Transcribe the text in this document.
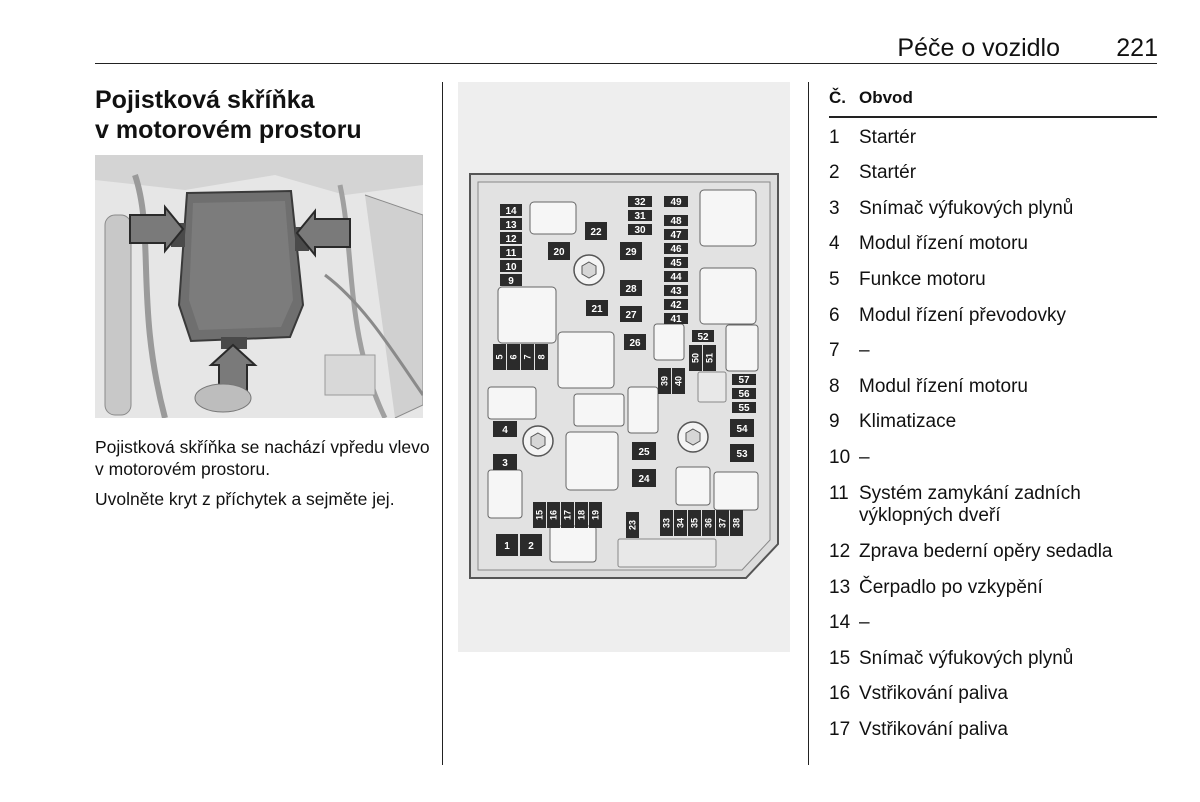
Péče o vozidlo	221
Pojistková skříňka
v motorovém prostoru
Pojistková skříňka se nachází vpředu vlevo v motorovém prostoru.
Uvolněte kryt z příchytek a sejměte jej.
14
13
12
11
10
9
20
22
29
32
31
30
49
48
47
46
45
44
43
42
41
28
21
27
26
52
57
56
55
54
53
4
3
25
24
1 2
5 6 7 8	50 51
39 40
15 16 17 18 19
23	33 34 35 36 37 38
Č. Obvod
1 Startér
2 Startér
3 Snímač výfukových plynů
4 Modul řízení motoru
5 Funkce motoru
6 Modul řízení převodovky
7 –
8 Modul řízení motoru
9 Klimatizace
10 –
11 Systém zamykání zadních výklopných dveří
12 Zprava bederní opěry sedadla
13 Čerpadlo po vzkypění
14 –
15 Snímač výfukových plynů
16 Vstřikování paliva
17 Vstřikování paliva
